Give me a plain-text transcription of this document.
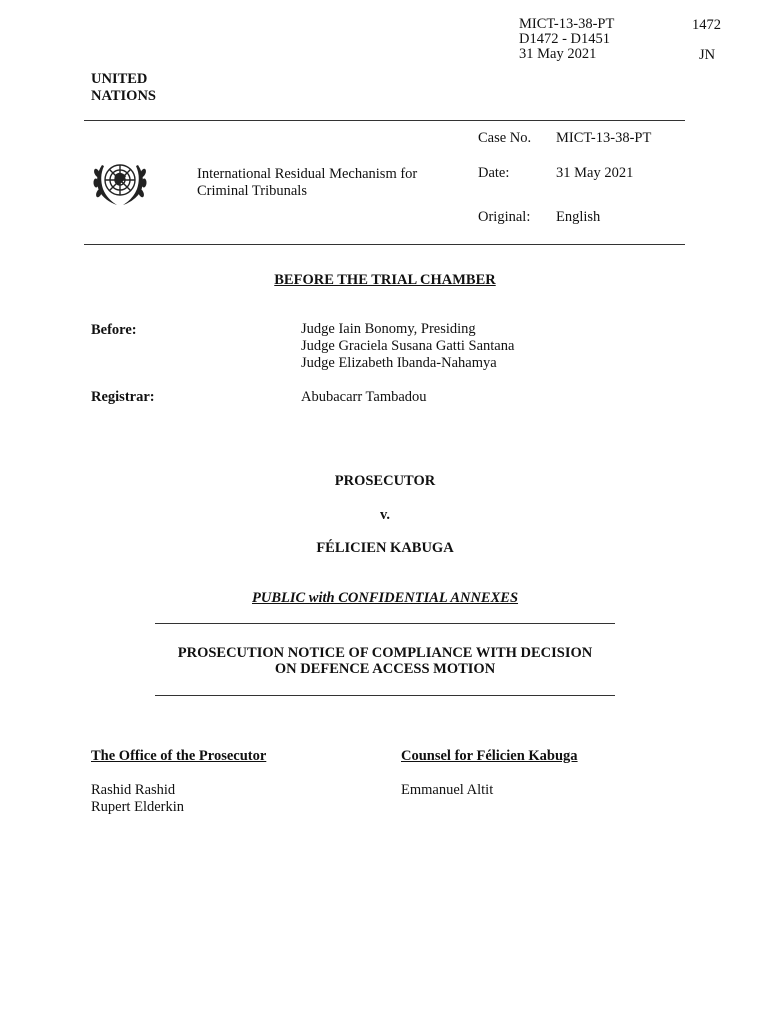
MICT-13-38-PT
D1472 - D1451
31 May 2021
1472
JN
UNITED
NATIONS
International Residual Mechanism for
Criminal Tribunals
Case No. MICT-13-38-PT
Date:	31 May 2021
Original: English
BEFORE THE TRIAL CHAMBER
Before:	Judge Iain Bonomy, Presiding
Judge Graciela Susana Gatti Santana
Judge Elizabeth Ibanda-Nahamya
Registrar:	Abubacarr Tambadou
PROSECUTOR
v.
FÉLICIEN KABUGA
PUBLIC with CONFIDENTIAL ANNEXES
PROSECUTION NOTICE OF COMPLIANCE WITH DECISION
ON DEFENCE ACCESS MOTION
The Office of the Prosecutor
Rashid Rashid
Rupert Elderkin
Counsel for Félicien Kabuga
Emmanuel Altit
